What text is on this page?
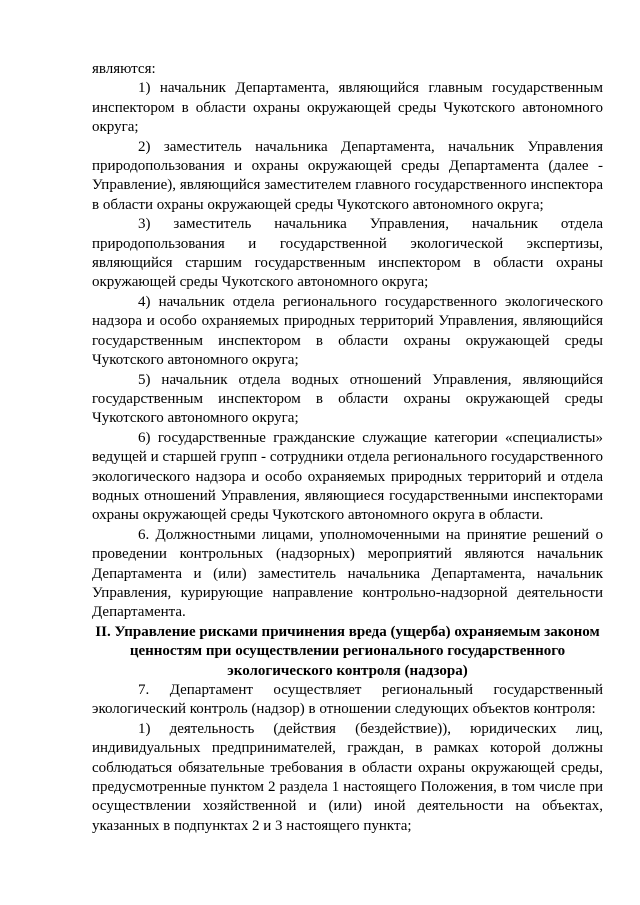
являются:

1) начальник Департамента, являющийся главным государственным инспектором в области охраны окружающей среды Чукотского автономного округа;

2) заместитель начальника Департамента, начальник Управления природопользования и охраны окружающей среды Департамента (далее - Управление), являющийся заместителем главного государственного инспектора в области охраны окружающей среды Чукотского автономного округа;

3) заместитель начальника Управления, начальник отдела природопользования и государственной экологической экспертизы, являющийся старшим государственным инспектором в области охраны окружающей среды Чукотского автономного округа;

4) начальник отдела регионального государственного экологического надзора и особо охраняемых природных территорий Управления, являющийся государственным инспектором в области охраны окружающей среды Чукотского автономного округа;

5) начальник отдела водных отношений Управления, являющийся государственным инспектором в области охраны окружающей среды Чукотского автономного округа;

6) государственные гражданские служащие категории «специалисты» ведущей и старшей групп - сотрудники отдела регионального государственного экологического надзора и особо охраняемых природных территорий и отдела водных отношений Управления, являющиеся государственными инспекторами охраны окружающей среды Чукотского автономного округа в области.

6. Должностными лицами, уполномоченными на принятие решений о проведении контрольных (надзорных) мероприятий являются начальник Департамента и (или) заместитель начальника Департамента, начальник Управления, курирующие направление контрольно-надзорной деятельности Департамента.

II. Управление рисками причинения вреда (ущерба) охраняемым законом ценностям при осуществлении регионального государственного экологического контроля (надзора)

7. Департамент осуществляет региональный государственный экологический контроль (надзор) в отношении следующих объектов контроля:

1) деятельность (действия (бездействие)), юридических лиц, индивидуальных предпринимателей, граждан, в рамках которой должны соблюдаться обязательные требования в области охраны окружающей среды, предусмотренные пунктом 2 раздела 1 настоящего Положения, в том числе при осуществлении хозяйственной и (или) иной деятельности на объектах, указанных в подпунктах 2 и 3 настоящего пункта;
